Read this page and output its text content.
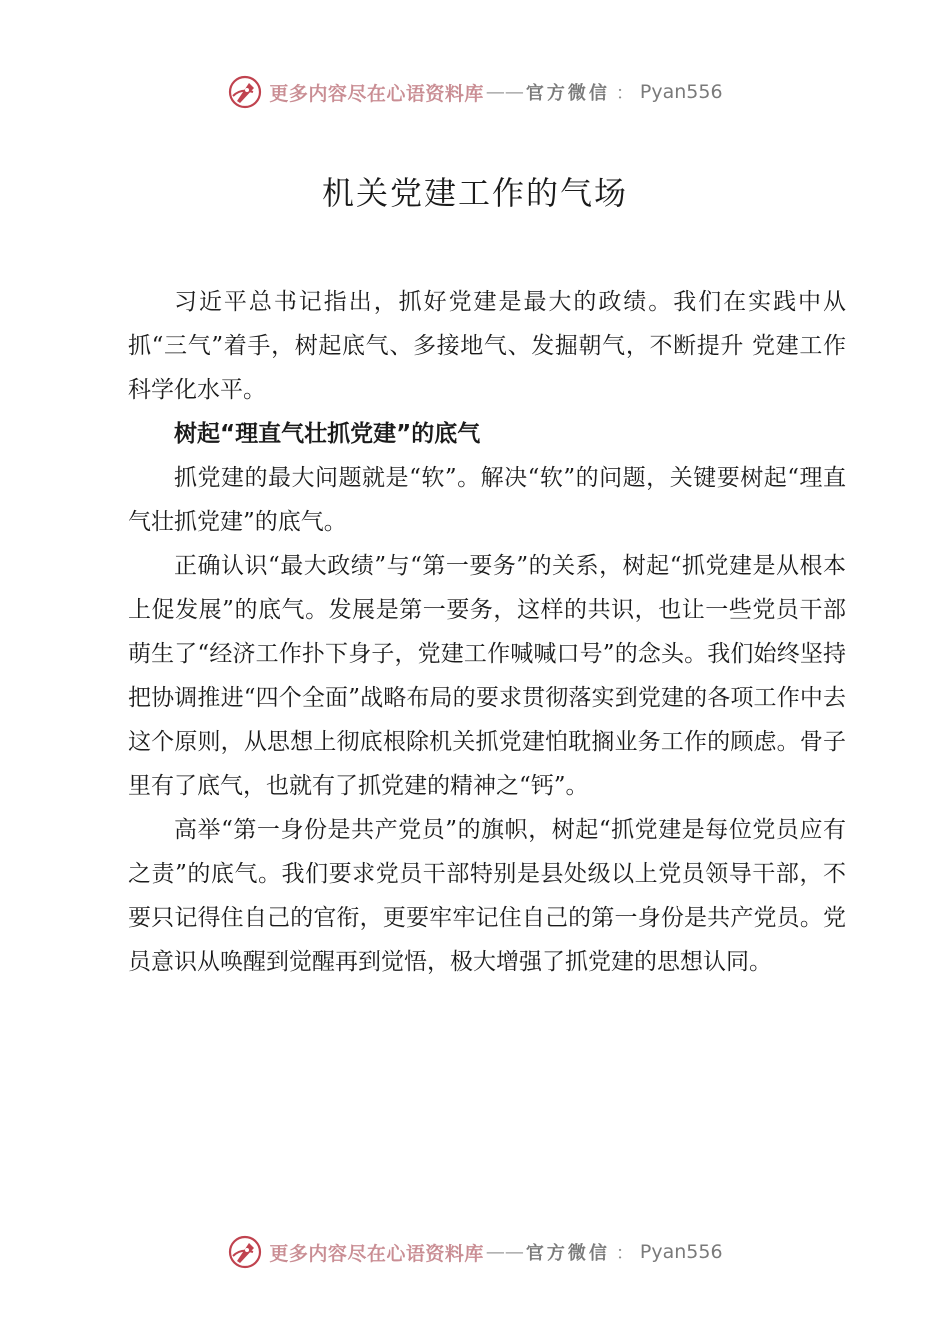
更多内容尽在心语资料库 —— 官方微信 ： Pyan556
机关党建工作的气场

习近平总书记指出，抓好党建是最大的政绩。我们在实践中从抓“三气”着手，树起底气、多接地气、发掘朝气，不断提升 党建工作科学化水平。

树起“理直气壮抓党建”的底气

抓党建的最大问题就是“软”。解决“软”的问题，关键要树起“理直气壮抓党建”的底气。

正确认识“最大政绩”与“第一要务”的关系，树起“抓党建是从根本上促发展”的底气。发展是第一要务，这样的共识，也让一些党员干部萌生了“经济工作扑下身子，党建工作喊喊口号”的念头。我们始终坚持把协调推进“四个全面”战略布局的要求贯彻落实到党建的各项工作中去这个原则，从思想上彻底根除机关抓党建怕耽搁业务工作的顾虑。骨子里有了底气，也就有了抓党建的精神之“钙”。

高举“第一身份是共产党员”的旗帜，树起“抓党建是每位党员应有之责”的底气。我们要求党员干部特别是县处级以上党员领导干部，不要只记得住自己的官衔，更要牢牢记住自己的第一身份是共产党员。党员意识从唤醒到觉醒再到觉悟，极大增强了抓党建的思想认同。

更多内容尽在心语资料库 —— 官方微信 ： Pyan556
